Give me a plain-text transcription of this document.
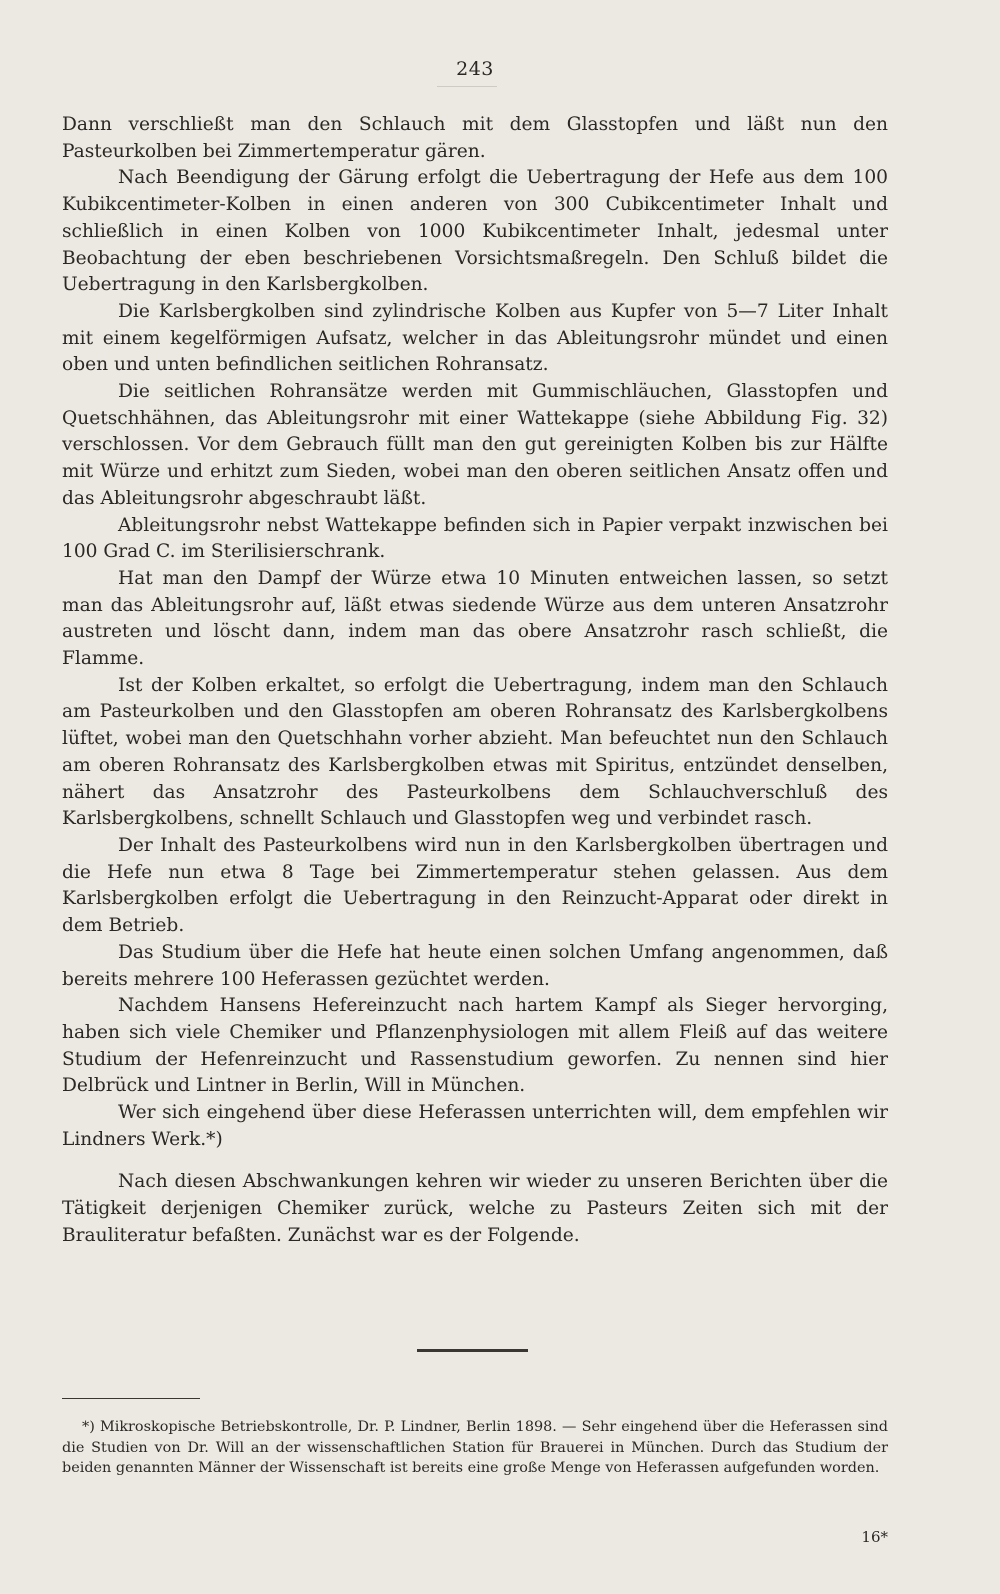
243

Dann verschließt man den Schlauch mit dem Glasstopfen und läßt nun den Pasteurkolben bei Zimmertemperatur gären.

Nach Beendigung der Gärung erfolgt die Uebertragung der Hefe aus dem 100 Kubikcentimeter-Kolben in einen anderen von 300 Cubikcentimeter Inhalt und schließlich in einen Kolben von 1000 Kubikcentimeter Inhalt, jedesmal unter Beobachtung der eben beschriebenen Vorsichtsmaßregeln. Den Schluß bildet die Uebertragung in den Karlsbergkolben.

Die Karlsbergkolben sind zylindrische Kolben aus Kupfer von 5—7 Liter Inhalt mit einem kegelförmigen Aufsatz, welcher in das Ableitungsrohr mündet und einen oben und unten befindlichen seitlichen Rohransatz.

Die seitlichen Rohransätze werden mit Gummischläuchen, Glasstopfen und Quetschhähnen, das Ableitungsrohr mit einer Wattekappe (siehe Abbildung Fig. 32) verschlossen. Vor dem Gebrauch füllt man den gut gereinigten Kolben bis zur Hälfte mit Würze und erhitzt zum Sieden, wobei man den oberen seitlichen Ansatz offen und das Ableitungsrohr abgeschraubt läßt.

Ableitungsrohr nebst Wattekappe befinden sich in Papier verpakt inzwischen bei 100 Grad C. im Sterilisierschrank.

Hat man den Dampf der Würze etwa 10 Minuten entweichen lassen, so setzt man das Ableitungsrohr auf, läßt etwas siedende Würze aus dem unteren Ansatzrohr austreten und löscht dann, indem man das obere Ansatzrohr rasch schließt, die Flamme.

Ist der Kolben erkaltet, so erfolgt die Uebertragung, indem man den Schlauch am Pasteurkolben und den Glasstopfen am oberen Rohransatz des Karlsbergkolbens lüftet, wobei man den Quetschhahn vorher abzieht. Man befeuchtet nun den Schlauch am oberen Rohransatz des Karlsbergkolben etwas mit Spiritus, entzündet denselben, nähert das Ansatzrohr des Pasteurkolbens dem Schlauchverschluß des Karlsbergkolbens, schnellt Schlauch und Glasstopfen weg und verbindet rasch.

Der Inhalt des Pasteurkolbens wird nun in den Karlsbergkolben übertragen und die Hefe nun etwa 8 Tage bei Zimmertemperatur stehen gelassen. Aus dem Karlsbergkolben erfolgt die Uebertragung in den Reinzucht-Apparat oder direkt in dem Betrieb.

Das Studium über die Hefe hat heute einen solchen Umfang angenommen, daß bereits mehrere 100 Heferassen gezüchtet werden.

Nachdem Hansens Hefereinzucht nach hartem Kampf als Sieger hervorging, haben sich viele Chemiker und Pflanzenphysiologen mit allem Fleiß auf das weitere Studium der Hefenreinzucht und Rassenstudium geworfen. Zu nennen sind hier Delbrück und Lintner in Berlin, Will in München.

Wer sich eingehend über diese Heferassen unterrichten will, dem empfehlen wir Lindners Werk.*)

Nach diesen Abschwankungen kehren wir wieder zu unseren Berichten über die Tätigkeit derjenigen Chemiker zurück, welche zu Pasteurs Zeiten sich mit der Brauliteratur befaßten. Zunächst war es der Folgende.

*) Mikroskopische Betriebskontrolle, Dr. P. Lindner, Berlin 1898. — Sehr eingehend über die Heferassen sind die Studien von Dr. Will an der wissenschaftlichen Station für Brauerei in München. Durch das Studium der beiden genannten Männer der Wissenschaft ist bereits eine große Menge von Heferassen aufgefunden worden.

16*
